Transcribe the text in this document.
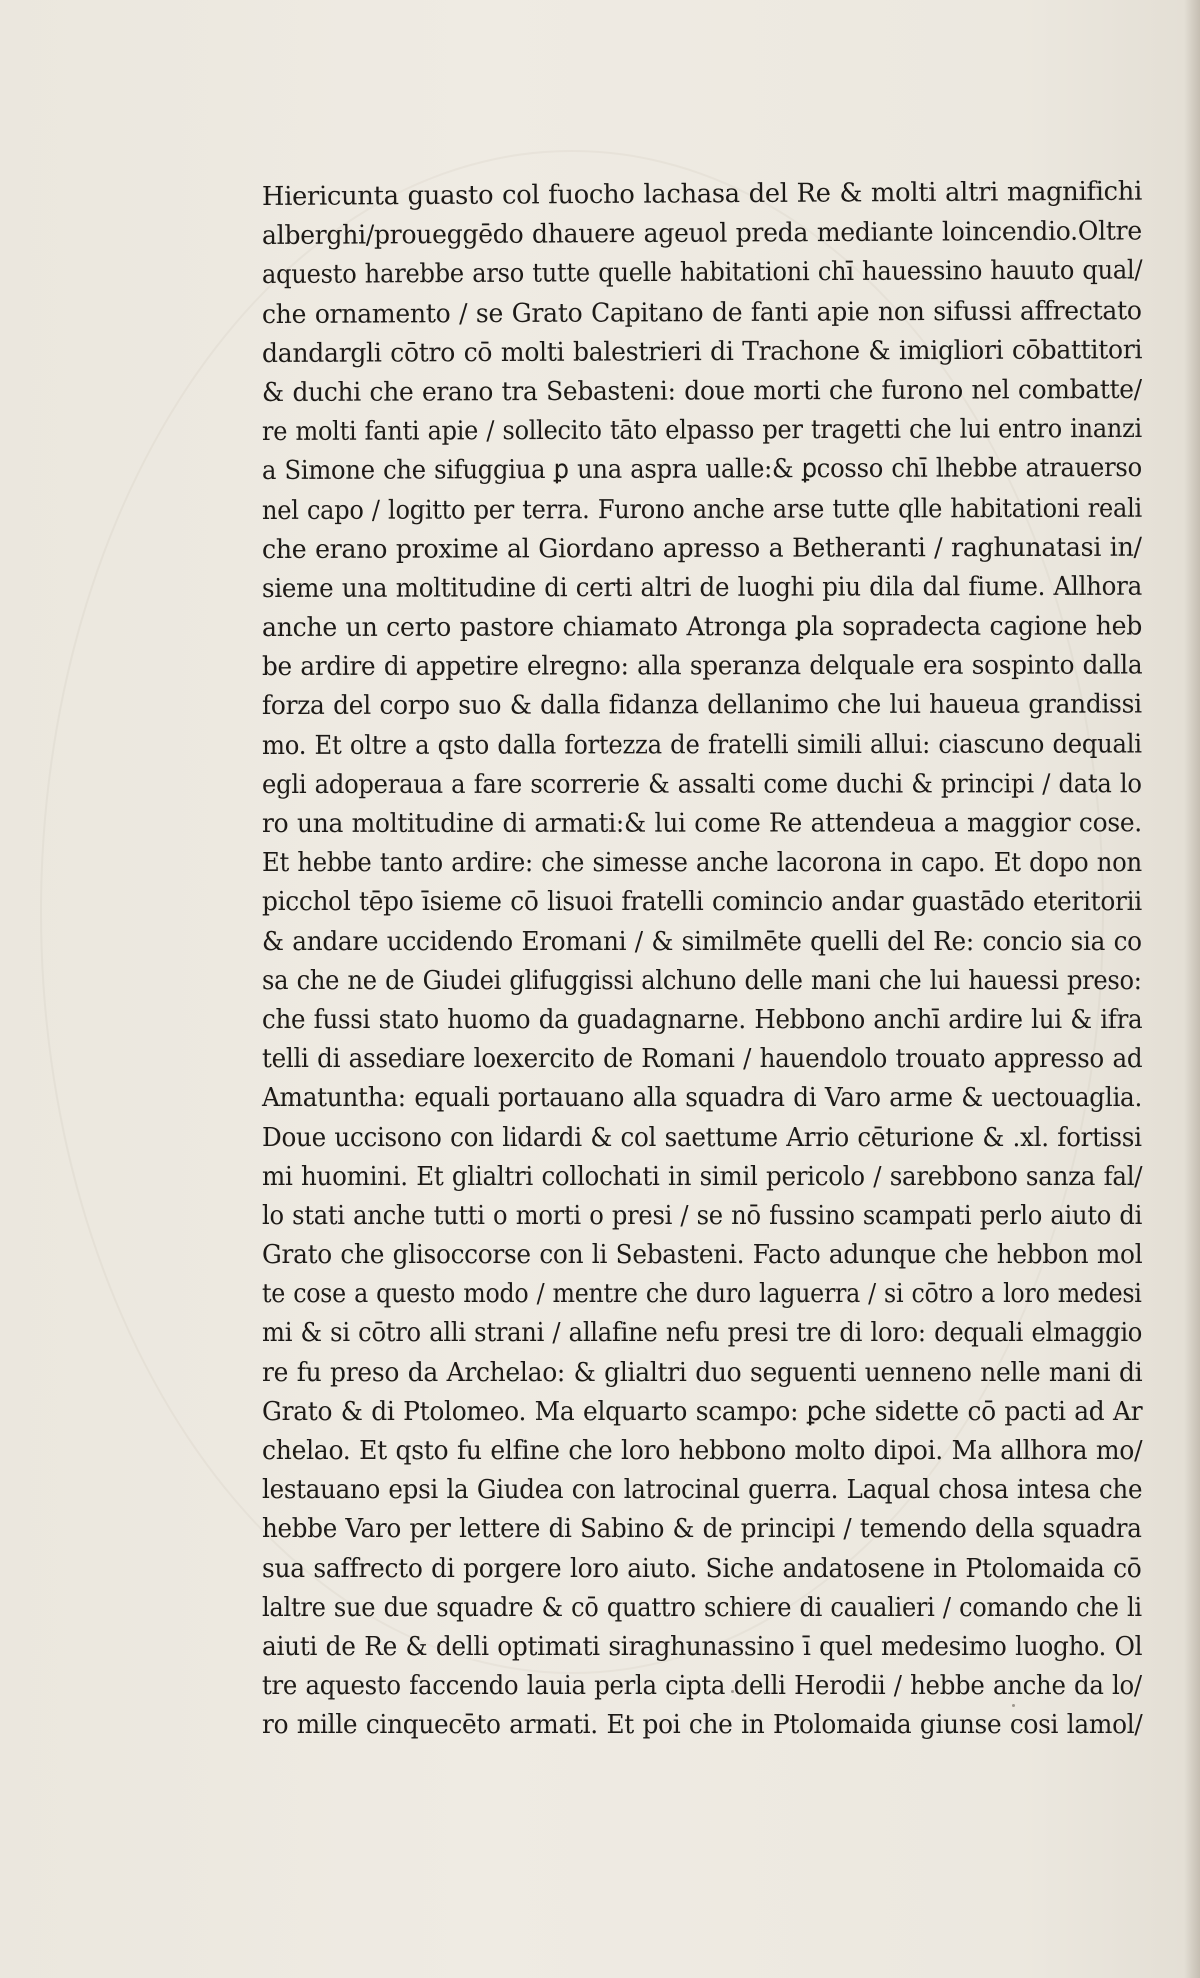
Hiericunta guasto col fuocho lachasa del Re & molti altri magnifichi
alberghi/proueggēdo dhauere ageuol preda mediante loincendio.Oltre
aquesto harebbe arso tutte quelle habitationi chī hauessino hauuto qual/
che ornamento / se Grato Capitano de fanti apie non sifussi affrectato
dandargli cōtro cō molti balestrieri di Trachone & imigliori cōbattitori
& duchi che erano tra Sebasteni: doue morti che furono nel combatte/
re molti fanti apie / sollecito tāto elpasso per tragetti che lui entro inanzi
a Simone che sifuggiua ꝑ una aspra ualle:& ꝑcosso chī lhebbe atrauerso
nel capo / logitto per terra. Furono anche arse tutte qlle habitationi reali
che erano proxime al Giordano apresso a Betheranti / raghunatasi in/
sieme una moltitudine di certi altri de luoghi piu dila dal fiume. Allhora
anche un certo pastore chiamato Atronga ꝑla sopradecta cagione heb
be ardire di appetire elregno: alla speranza delquale era sospinto dalla
forza del corpo suo & dalla fidanza dellanimo che lui haueua grandissi
mo. Et oltre a qsto dalla fortezza de fratelli simili allui: ciascuno dequali
egli adoperaua a fare scorrerie & assalti come duchi & principi / data lo
ro una moltitudine di armati:& lui come Re attendeua a maggior cose.
Et hebbe tanto ardire: che simesse anche lacorona in capo. Et dopo non
picchol tēpo īsieme cō lisuoi fratelli comincio andar guastādo eteritorii
& andare uccidendo Eromani / & similmēte quelli del Re: concio sia co
sa che ne de Giudei glifuggissi alchuno delle mani che lui hauessi preso:
che fussi stato huomo da guadagnarne. Hebbono anchī ardire lui & ifra
telli di assediare loexercito de Romani / hauendolo trouato appresso ad
Amatuntha: equali portauano alla squadra di Varo arme & uectouaglia.
Doue uccisono con lidardi & col saettume Arrio cēturione & .xl. fortissi
mi huomini. Et glialtri collochati in simil pericolo / sarebbono sanza fal/
lo stati anche tutti o morti o presi / se nō fussino scampati perlo aiuto di
Grato che glisoccorse con li Sebasteni. Facto adunque che hebbon mol
te cose a questo modo / mentre che duro laguerra / si cōtro a loro medesi
mi & si cōtro alli strani / allafine nefu presi tre di loro: dequali elmaggio
re fu preso da Archelao: & glialtri duo seguenti uenneno nelle mani di
Grato & di Ptolomeo. Ma elquarto scampo: ꝑche sidette cō pacti ad Ar
chelao. Et qsto fu elfine che loro hebbono molto dipoi. Ma allhora mo/
lestauano epsi la Giudea con latrocinal guerra. Laqual chosa intesa che
hebbe Varo per lettere di Sabino & de principi / temendo della squadra
sua saffrecto di porgere loro aiuto. Siche andatosene in Ptolomaida cō
laltre sue due squadre & cō quattro schiere di caualieri / comando che li
aiuti de Re & delli optimati siraghunassino ī quel medesimo luogho. Ol
tre aquesto faccendo lauia perla cipta delli Herodii / hebbe anche da lo/
ro mille cinquecēto armati. Et poi che in Ptolomaida giunse cosi lamol/
